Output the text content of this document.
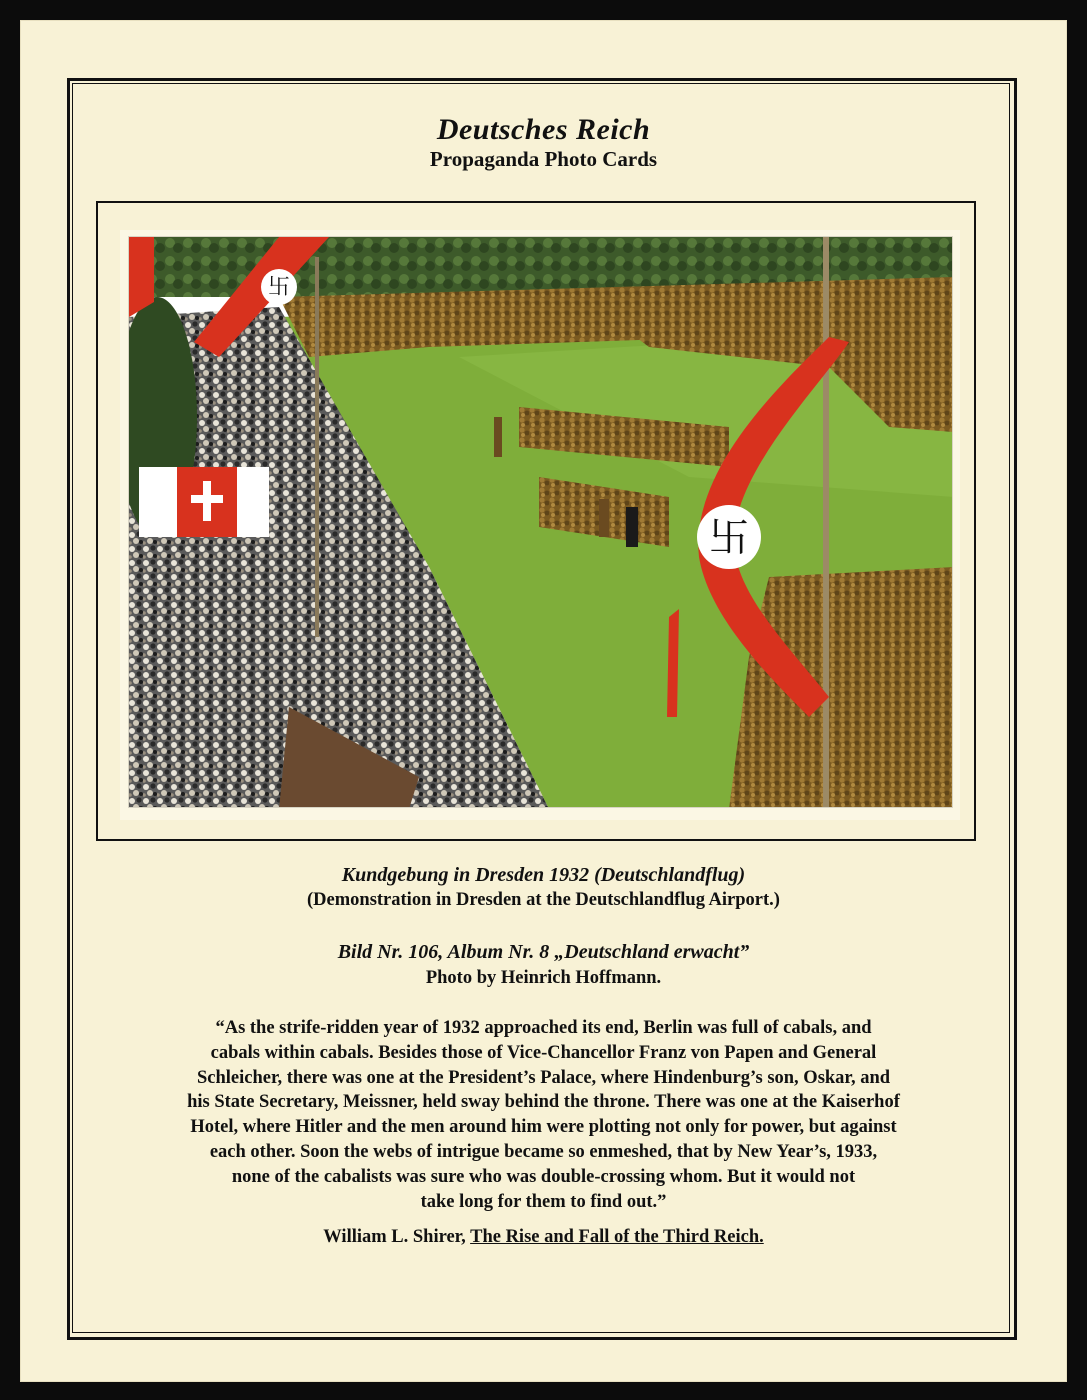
Deutsches Reich
Propaganda Photo Cards
卐
卐
Kundgebung in Dresden 1932 (Deutschlandflug)
(Demonstration in Dresden at the Deutschlandflug Airport.)
Bild Nr. 106, Album Nr. 8 „Deutschland erwacht”
Photo by Heinrich Hoffmann.
“As the strife-ridden year of 1932 approached its end, Berlin was full of cabals, and
cabals within cabals. Besides those of Vice-Chancellor Franz von Papen and General
Schleicher, there was one at the President’s Palace, where Hindenburg’s son, Oskar, and
his State Secretary, Meissner, held sway behind the throne. There was one at the Kaiserhof
Hotel, where Hitler and the men around him were plotting not only for power, but against
each other. Soon the webs of intrigue became so enmeshed, that by New Year’s, 1933,
none of the cabalists was sure who was double-crossing whom. But it would not
take long for them to find out.”
William L. Shirer, The Rise and Fall of the Third Reich.
